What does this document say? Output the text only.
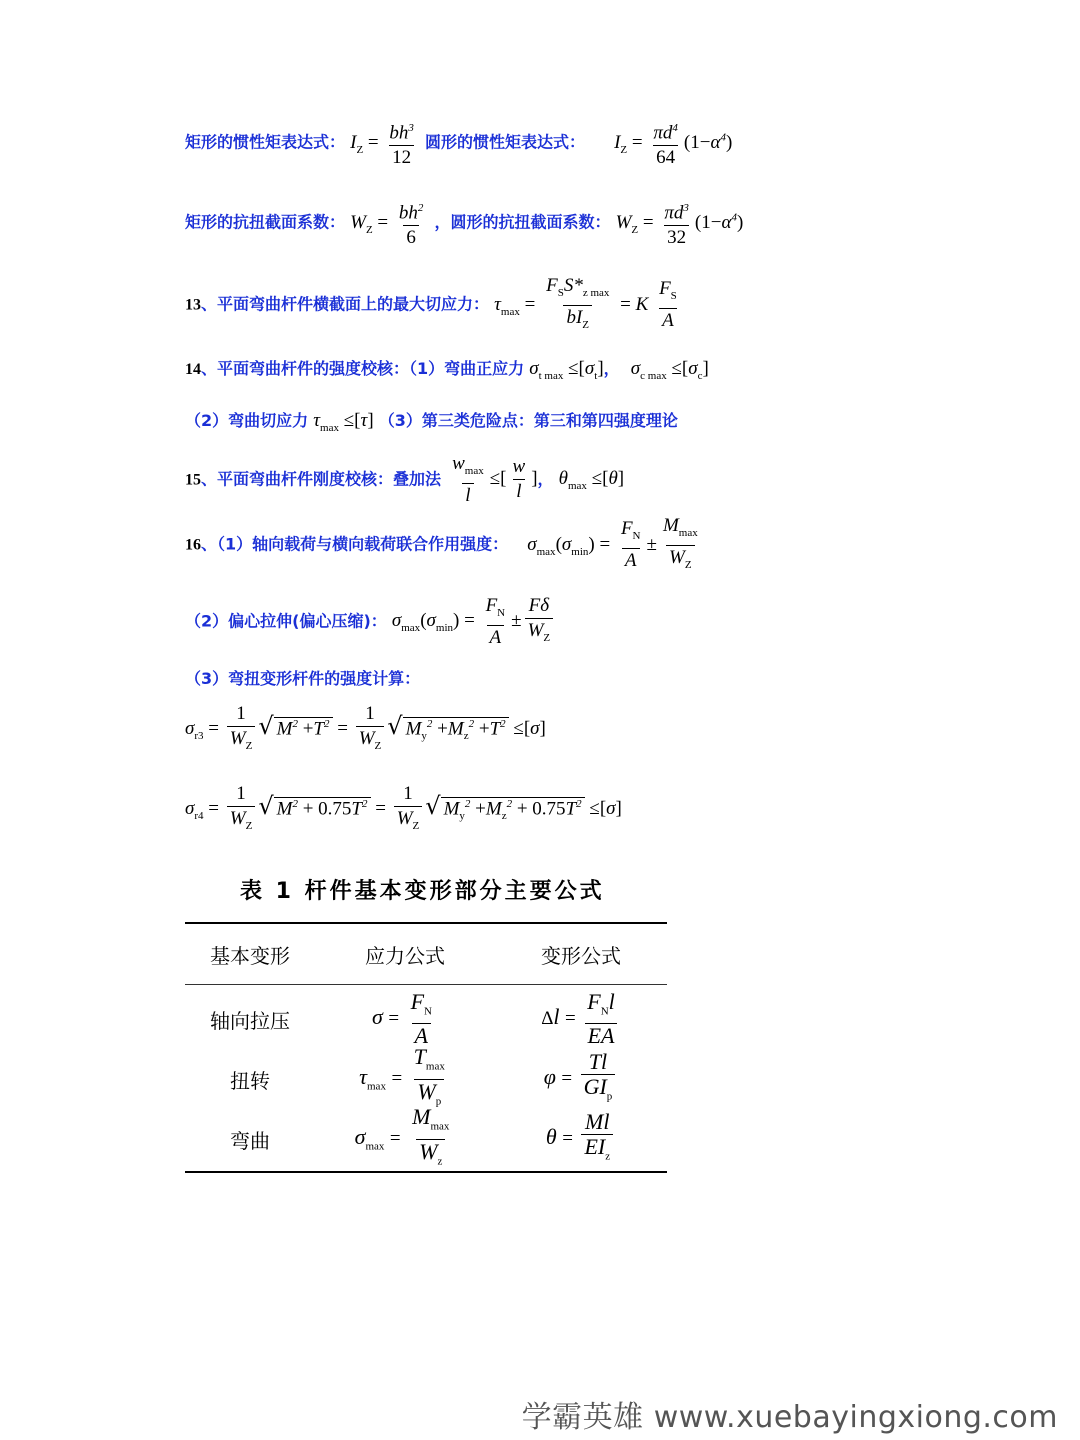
矩形的惯性矩表达式： $I_Z = \frac{bh^3}{12}$ 圆形的惯性矩表达式： $I_Z = \frac{\pi d^4}{64} (1-\alpha^4)$
矩形的抗扭截面系数： $W_Z = \frac{bh^2}{6}$ ，圆形的抗扭截面系数： $W_Z = \frac{\pi d^3}{32} (1-\alpha^4)$
13、平面弯曲杆件横截面上的最大切应力： $\tau_{max} = \frac{F_SS*_{z max}}{bI_Z} = K \frac{F_S}{A}$
14、平面弯曲杆件的强度校核：（1）弯曲正应力 $\sigma_{t max} \le[\sigma_t]$， $\sigma_{c max} \le[\sigma_c]$
（2）弯曲切应力 $\tau_{max} \le[\tau]$ （3）第三类危险点：第三和第四强度理论
15、平面弯曲杆件刚度校核：叠加法 $\frac{w_{max}}{l}$ ≤[ $\frac{w}{l}$ ]， $\theta_{max} \le[\theta]$
16、（1）轴向载荷与横向载荷联合作用强度： $\sigma_{max}(\sigma_{min}) = \frac{F_N}{A} \pm \frac{M_{max}}{W_Z}$
（2）偏心拉伸(偏心压缩)： $\sigma_{max}(\sigma_{min}) = \frac{F_N}{A} \pm \frac{F\delta}{W_Z}$
（3）弯扭变形杆件的强度计算：
$\sigma_{r3} = \frac{1}{W_Z}$ √ $M^2 +T^2 = \frac{1}{W_Z}$ √ $M_y^2 +M_z^2 +T^2 \le[\sigma]$
$\sigma_{r4} = \frac{1}{W_Z}$ √ $M^2 + 0.75T^2 = \frac{1}{W_Z}$ √ $M_y^2 +M_z^2 + 0.75T^2 \le[\sigma]$
表 1 杆件基本变形部分主要公式
基本变形	应力公式	变形公式
轴向拉压	$\sigma = \frac{F_N}{A}$	$\Delta l = \frac{F_Nl}{EA}$
扭转	$\tau_{max} = \frac{T_{max}}{W_p}$	$\varphi = \frac{Tl}{GI_p}$
弯曲	$\sigma_{max} = \frac{M_{max}}{W_z}$	$\theta = \frac{Ml}{EI_z}$
学霸英雄 www.xuebayingxiong.com
